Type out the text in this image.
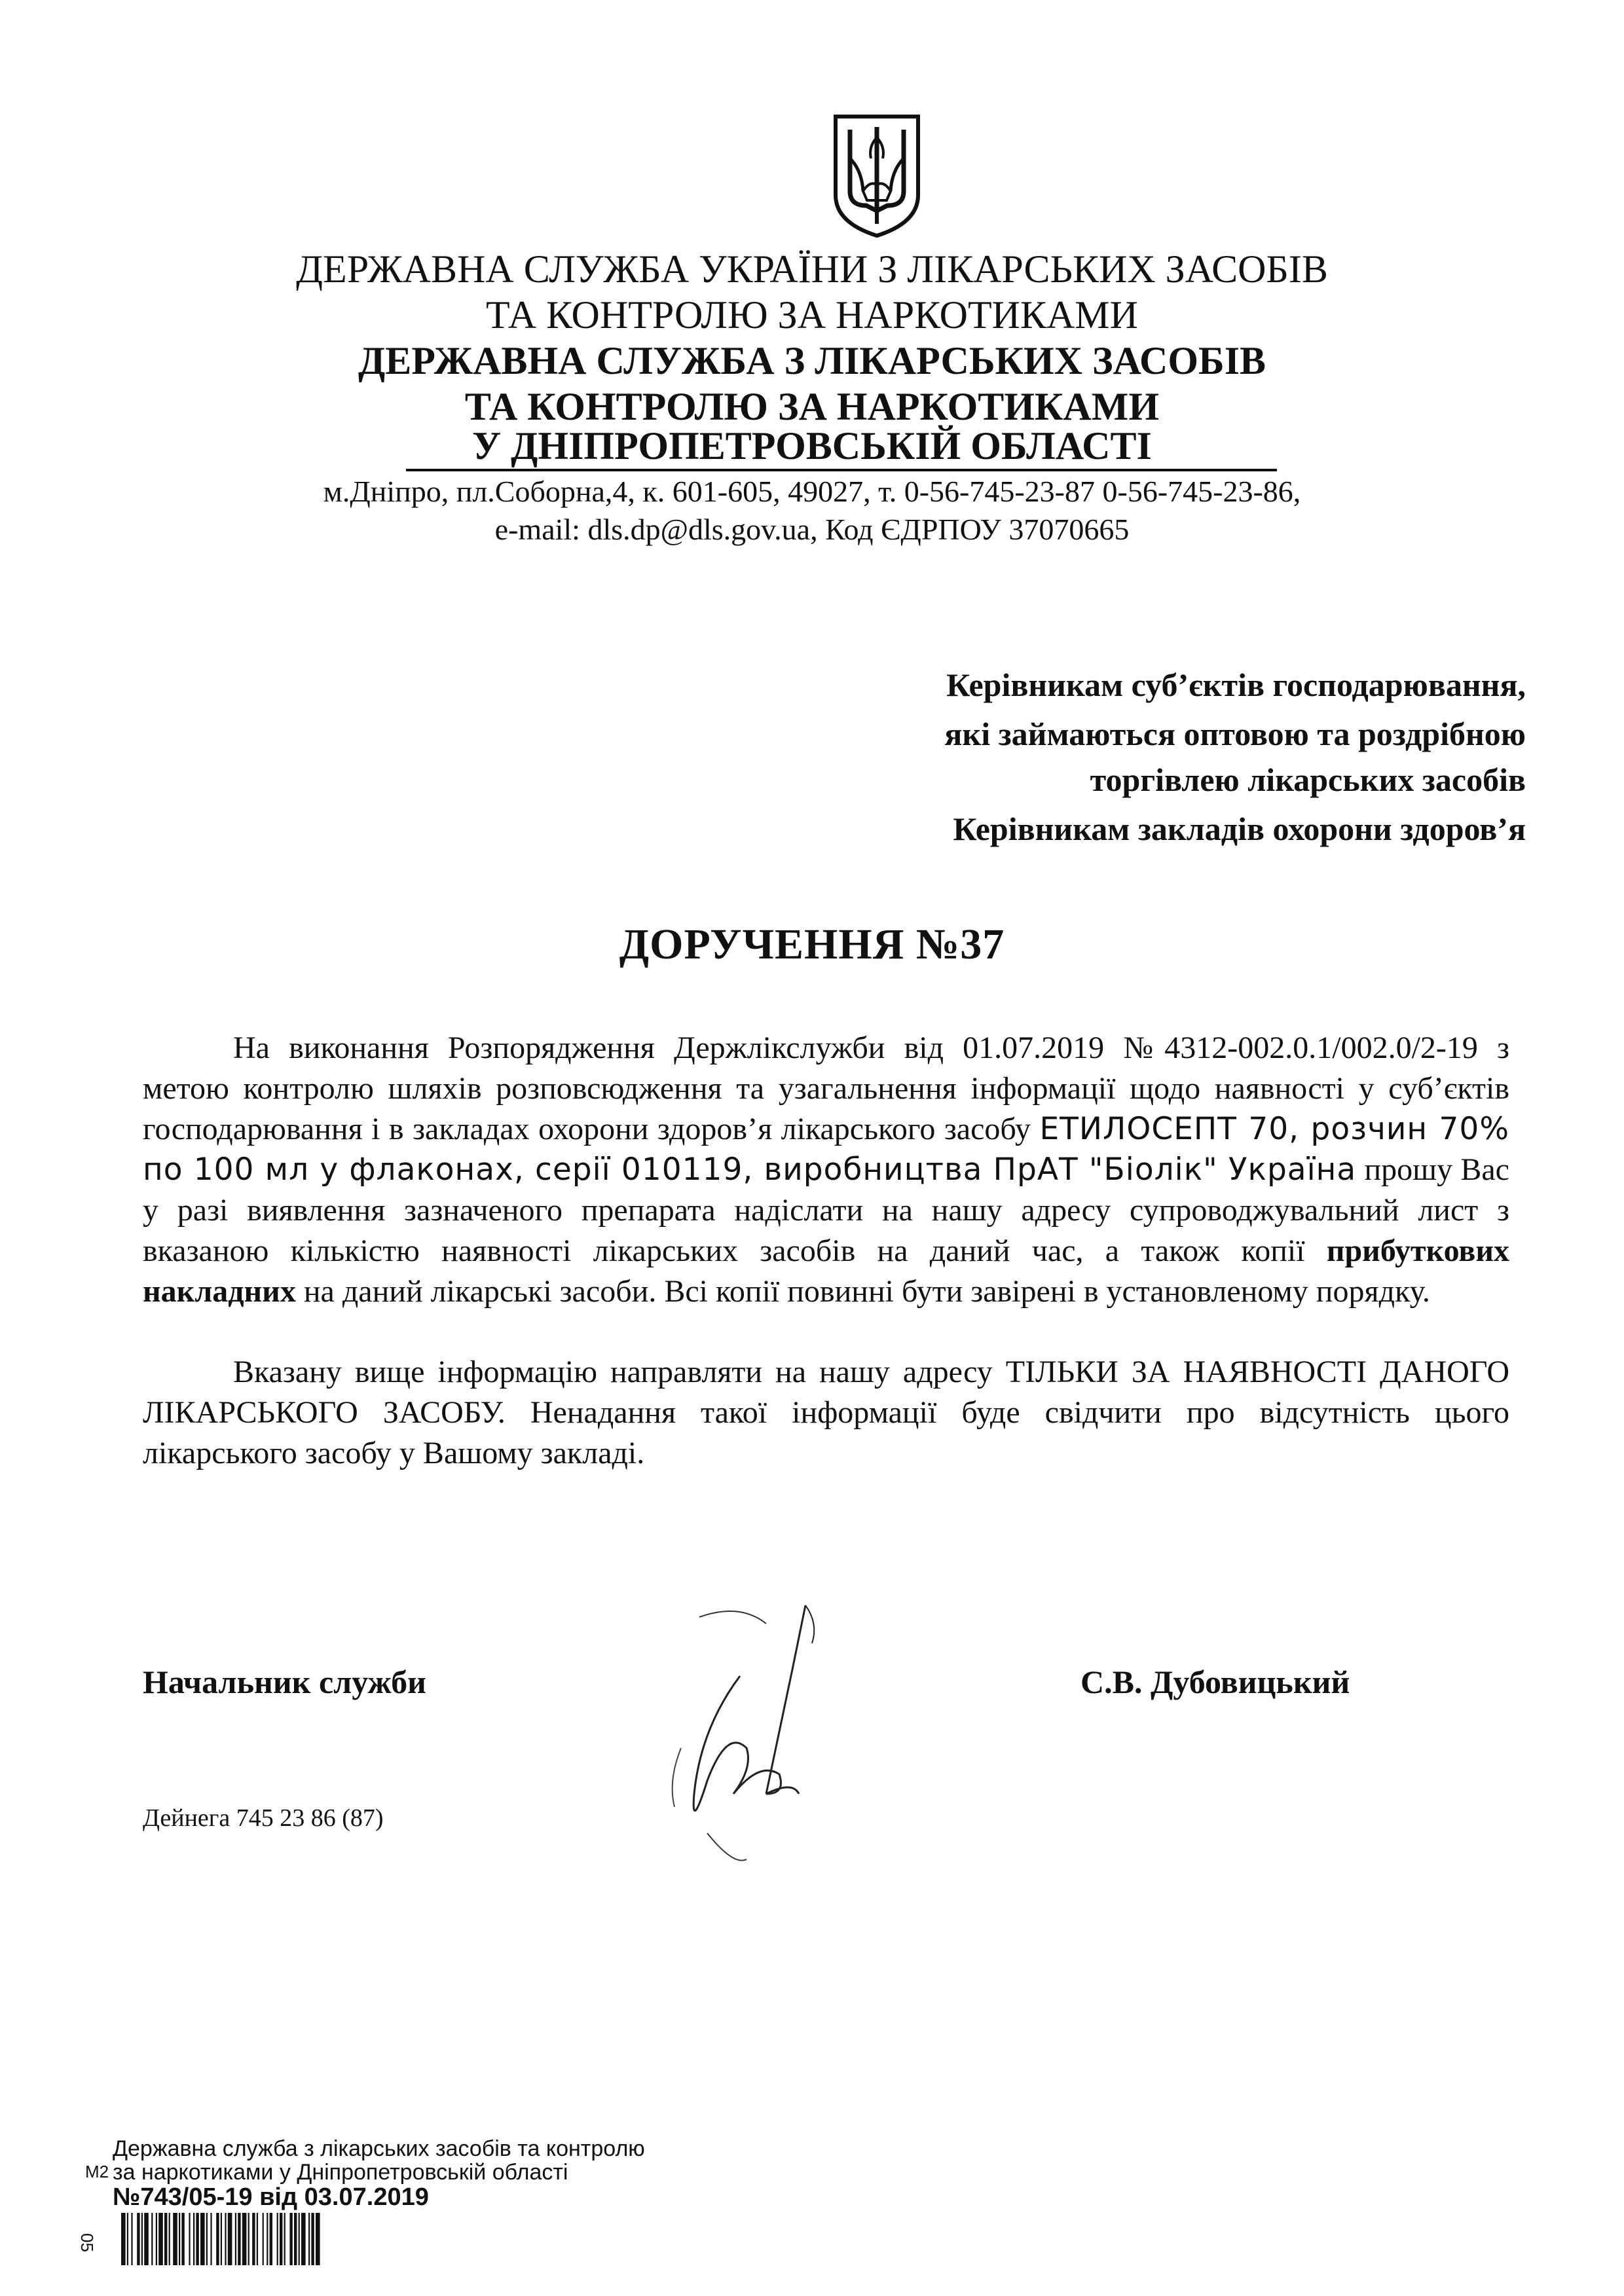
ДЕРЖАВНА СЛУЖБА УКРАЇНИ З ЛІКАРСЬКИХ ЗАСОБІВ
ТА КОНТРОЛЮ ЗА НАРКОТИКАМИ
ДЕРЖАВНА СЛУЖБА З ЛІКАРСЬКИХ ЗАСОБІВ
ТА КОНТРОЛЮ ЗА НАРКОТИКАМИ
У ДНІПРОПЕТРОВСЬКІЙ ОБЛАСТІ
м.Дніпро, пл.Соборна,4, к. 601-605, 49027, т. 0-56-745-23-87 0-56-745-23-86,
e-mail: dls.dp@dls.gov.ua, Код ЄДРПОУ 37070665
Керівникам суб’єктів господарювання,
які займаються оптовою та роздрібною
торгівлею лікарських засобів
Керівникам закладів охорони здоров’я
ДОРУЧЕННЯ №37
На виконання Розпорядження Держлікслужби від 01.07.2019 №4312-002.0.1/002.0/2-19 з метою контролю шляхів розповсюдження та узагальнення інформації щодо наявності у суб’єктів господарювання і в закладах охорони здоров’я лікарського засобу ЕТИЛОСЕПТ 70, розчин 70% по 100 мл у флаконах, серії 010119, виробництва ПрАТ "Біолік" Україна прошу Вас у разі виявлення зазначеного препарата надіслати на нашу адресу супроводжувальний лист з вказаною кількістю наявності лікарських засобів на даний час, а також копії прибуткових накладних на даний лікарські засоби. Всі копії повинні бути завірені в установленому порядку.
Вказану вище інформацію направляти на нашу адресу ТІЛЬКИ ЗА НАЯВНОСТІ ДАНОГО ЛІКАРСЬКОГО ЗАСОБУ. Ненадання такої інформації буде свідчити про відсутність цього лікарського засобу у Вашому закладі.
Начальник служби	С.В. Дубовицький
Дейнега 745 23 86 (87)
Державна служба з лікарських засобів та контролю
М2 за наркотиками у Дніпропетровській області
№743/05-19 від 03.07.2019
05
